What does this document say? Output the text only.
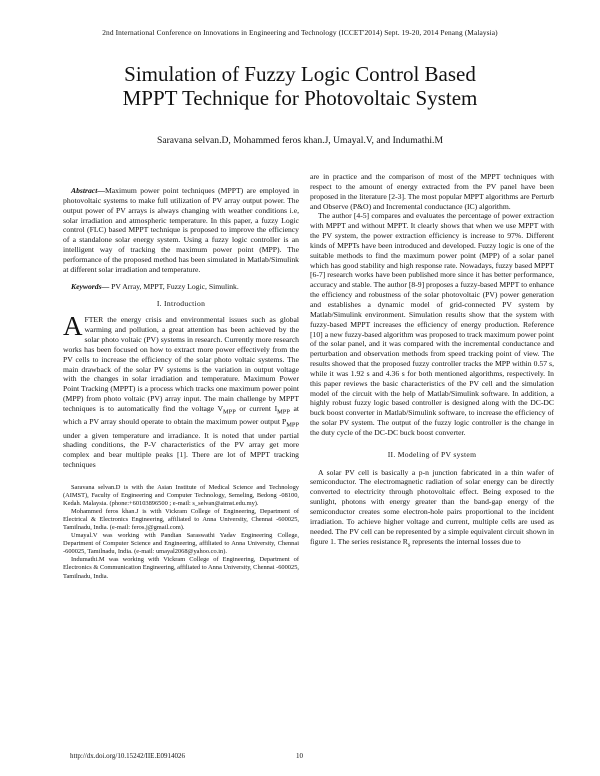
2nd International Conference on Innovations in Engineering and Technology (ICCET'2014) Sept. 19-20, 2014 Penang (Malaysia)
Simulation of Fuzzy Logic Control Based
MPPT Technique for Photovoltaic System
Saravana selvan.D, Mohammed feros khan.J, Umayal.V, and Indumathi.M

Abstract—Maximum power point techniques (MPPT) are employed in photovoltaic systems to make full utilization of PV array output power. The output power of PV arrays is always changing with weather conditions i.e, solar irradiation and atmospheric temperature. In this paper, a fuzzy Logic control (FLC) based MPPT technique is proposed to improve the efficiency of a standalone solar energy system. Using a fuzzy logic controller is an intelligent way of tracking the maximum power point (MPP). The performance of the proposed method has been simulated in Matlab/Simulink at different solar irradiation and temperature.

Keywords— PV Array, MPPT, Fuzzy Logic, Simulink.

I. Introduction

AFTER the energy crisis and environmental issues such as global warming and pollution, a great attention has been achieved by the solar photo voltaic (PV) systems in research. Currently more research works has been focused on how to extract more power effectively from the PV cells to increase the efficiency of the solar photo voltaic systems. The main drawback of the solar PV systems is the variation in output voltage with the changes in solar irradiation and temperature. Maximum Power Point Tracking (MPPT) is a process which tracks one maximum power point (MPP) from photo voltaic (PV) array input. The main challenge by MPPT techniques is to automatically find the voltage $V_{MPP}$ or current $I_{MPP}$ at which a PV array should operate to obtain the maximum power output $P_{MPP}$ under a given temperature and irradiance. It is noted that under partial shading conditions, the P-V characteristics of the PV array get more complex and bear multiple peaks [1]. There are lot of MPPT tracking techniques

Saravana selvan.D is with the Asian Institute of Medical Science and Technology (AIMST), Faculty of Engineering and Computer Technology, Semeling, Bedong -08100, Kedah. Malaysia. (phone:+60103896500 ; e-mail: s_selvan@aimst.edu.my).

Mohammed feros khan.J is with Vickram College of Engineering, Department of Electrical & Electronics Engineering, affiliated to Anna University, Chennai -600025, Tamilnadu, India. (e-mail: feros.j@gmail.com).

Umayal.V was working with Pandian Saraswathi Yadav Engineering College, Department of Computer Science and Engineering, affiliated to Anna University, Chennai -600025, Tamilnadu, India. (e-mail: umayal2068@yahoo.co.in).

Indumathi.M was working with Vickram College of Engineering, Department of Electronics & Communication Engineering, affiliated to Anna University, Chennai -600025, Tamilnadu, India.

are in practice and the comparison of most of the MPPT techniques with respect to the amount of energy extracted from the PV panel have been proposed in the literature [2-3]. The most popular MPPT algorithms are Perturb and Observe (P&O) and Incremental conductance (IC) algorithm.

The author [4-5] compares and evaluates the percentage of power extraction with MPPT and without MPPT. It clearly shows that when we use MPPT with the PV system, the power extraction efficiency is increase to 97%. Different kinds of MPPTs have been introduced and developed. Fuzzy logic is one of the suitable methods to find the maximum power point (MPP) of a solar panel which has good stability and high response rate. Nowadays, fuzzy based MPPT [6-7] research works have been published more since it has better performance, accuracy and stable. The author [8-9] proposes a fuzzy-based MPPT to enhance the efficiency and robustness of the solar photovoltaic (PV) power generation and establishes a dynamic model of grid-connected PV system by Matlab/Simulink environment. Simulation results show that the system with fuzzy-based MPPT increases the efficiency of energy production. Reference [10] a new fuzzy-based algorithm was proposed to track maximum power point of the solar panel, and it was compared with the incremental conductance and perturbation and observation methods from speed tracking point of view. The results showed that the proposed fuzzy controller tracks the MPP within 0.57 s, while it was 1.92 s and 4.36 s for both mentioned algorithms, respectively. In this paper reviews the basic characteristics of the PV cell and the simulation model of the circuit with the help of Matlab/Simulink software. In addition, a highly robust fuzzy logic based controller is designed along with the DC-DC buck boost converter in Matlab/Simulink software, to increase the efficiency of the solar PV system. The output of the fuzzy logic controller is the change in the duty cycle of the DC-DC buck boost converter.

II. Modeling of PV system

A solar PV cell is basically a p-n junction fabricated in a thin wafer of semiconductor. The electromagnetic radiation of solar energy can be directly converted to electricity through photovoltaic effect. Being exposed to the sunlight, photons with energy greater than the band-gap energy of the semiconductor creates some electron-hole pairs proportional to the incident irradiation. To achieve higher voltage and current, multiple cells are used as needed. The PV cell can be represented by a simple equivalent circuit shown in figure 1. The series resistance $R_s$ represents the internal losses due to

http://dx.doi.org/10.15242/IIE.E0914026	10
